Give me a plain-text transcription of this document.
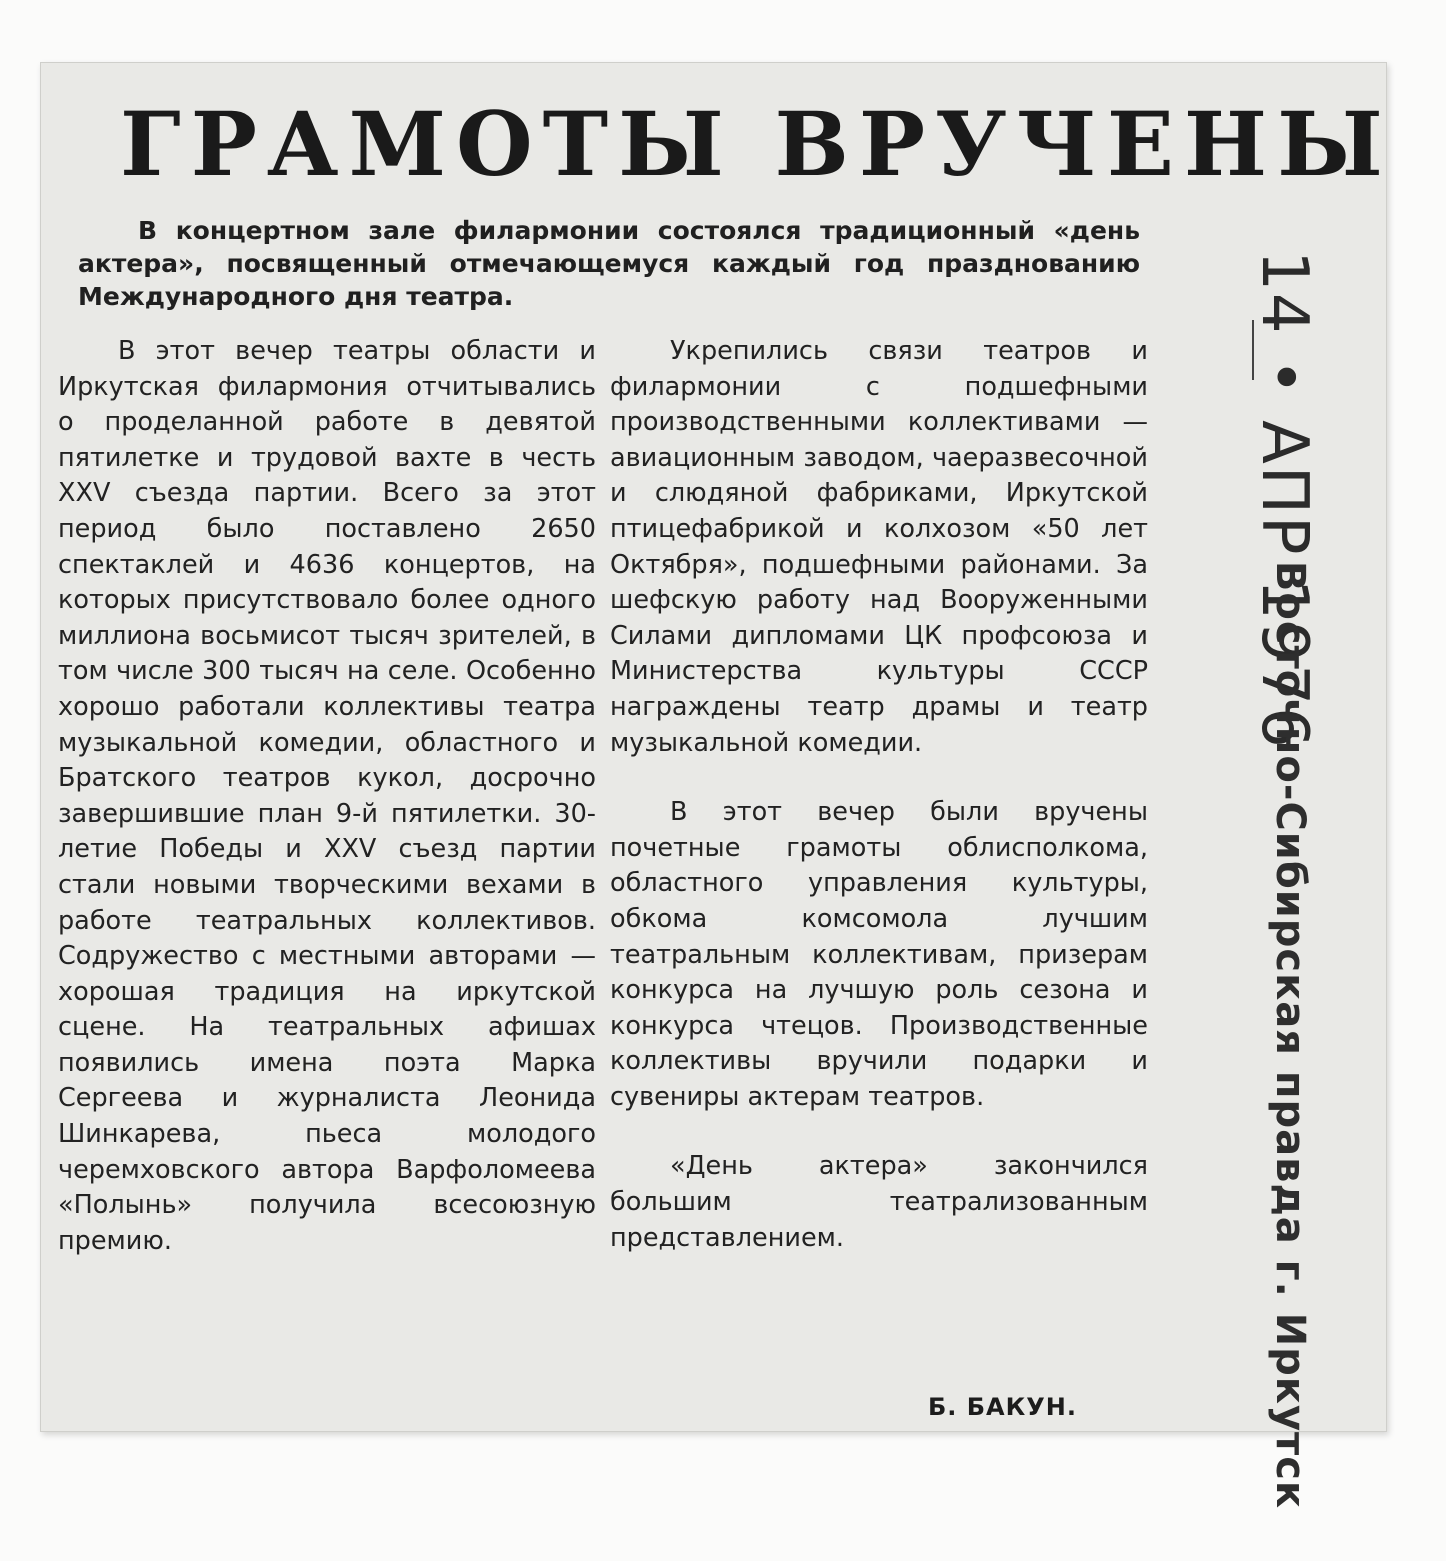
ГРАМОТЫ ВРУЧЕНЫ

В концертном зале филармонии состоялся традиционный «день актера», посвященный отмечающемуся каждый год празднованию Международного дня театра.

В этот вечер театры области и Иркутская филармония отчитывались о проделанной работе в девятой пятилетке и трудовой вахте в честь XXV съезда партии. Всего за этот период было поставлено 2650 спектаклей и 4636 концертов, на которых присутствовало более одного миллиона восьмисот тысяч зрителей, в том числе 300 тысяч на селе. Особенно хорошо работали коллективы театра музыкальной комедии, областного и Братского театров кукол, досрочно завершившие план 9-й пятилетки. 30-летие Победы и XXV съезд партии стали новыми творческими вехами в работе театральных коллективов. Содружество с местными авторами — хорошая традиция на иркутской сцене. На театральных афишах появились имена поэта Марка Сергеева и журналиста Леонида Шинкарева, пьеса молодого черемховского автора Варфоломеева «Полынь» получила всесоюзную премию.

Укрепились связи театров и филармонии с подшефными производственными коллективами — авиационным заводом, чаеразвесочной и слюдяной фабриками, Иркутской птицефабрикой и колхозом «50 лет Октября», подшефными районами. За шефскую работу над Вооруженными Силами дипломами ЦК профсоюза и Министерства культуры СССР награждены театр драмы и театр музыкальной комедии.

В этот вечер были вручены почетные грамоты облисполкома, областного управления культуры, обкома комсомола лучшим театральным коллективам, призерам конкурса на лучшую роль сезона и конкурса чтецов. Производственные коллективы вручили подарки и сувениры актерам театров.

«День актера» закончился большим театрализованным представлением.

Б. БАКУН.
14 • АПР 1976
Восточно-Сибирская правда г. Иркутск
